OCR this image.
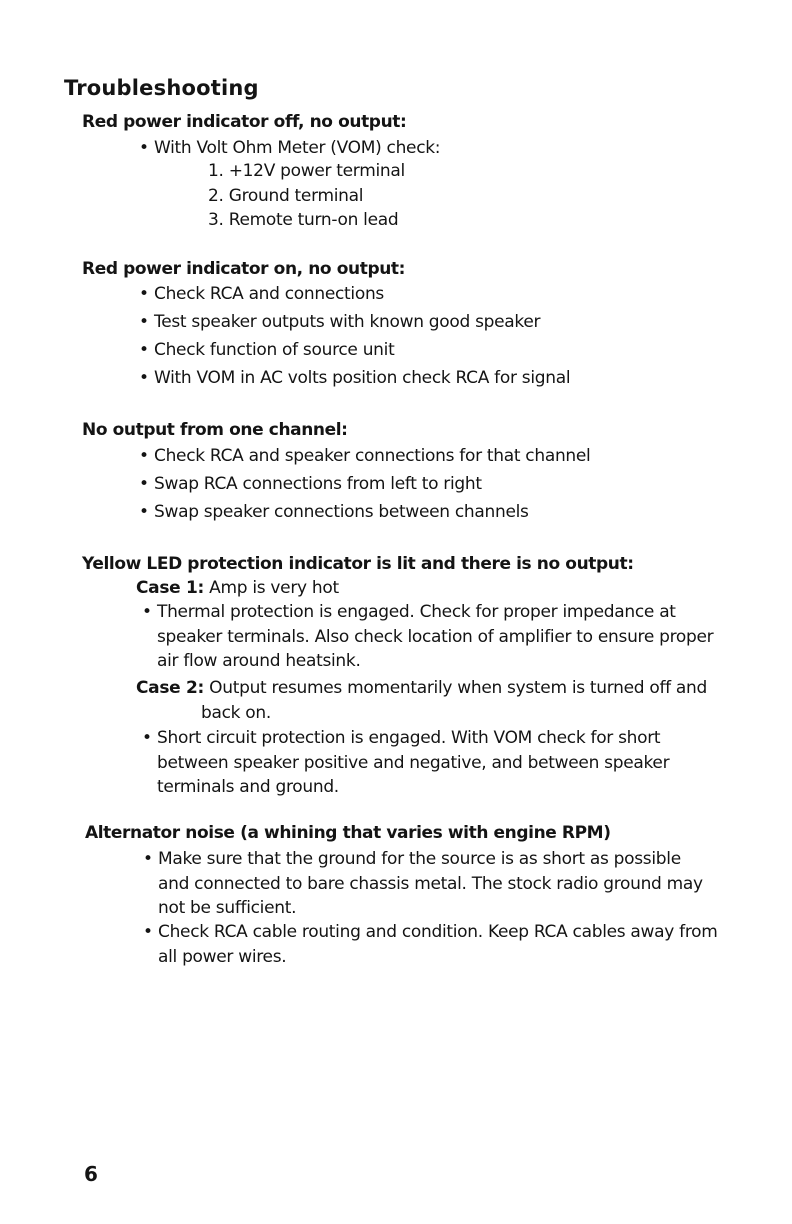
Troubleshooting
Red power indicator off, no output:
• With Volt Ohm Meter (VOM) check:
1. +12V power terminal
2. Ground terminal
3. Remote turn-on lead
Red power indicator on, no output:
• Check RCA and connections
• Test speaker outputs with known good speaker
• Check function of source unit
• With VOM in AC volts position check RCA for signal
No output from one channel:
• Check RCA and speaker connections for that channel
• Swap RCA connections from left to right
• Swap speaker connections between channels
Yellow LED protection indicator is lit and there is no output:
Case 1: Amp is very hot
• Thermal protection is engaged. Check for proper impedance at
speaker terminals. Also check location of amplifier to ensure proper
air flow around heatsink.
Case 2: Output resumes momentarily when system is turned off and
back on.
• Short circuit protection is engaged. With VOM check for short
between speaker positive and negative, and between speaker
terminals and ground.
Alternator noise (a whining that varies with engine RPM)
• Make sure that the ground for the source is as short as possible
and connected to bare chassis metal. The stock radio ground may
not be sufficient.
• Check RCA cable routing and condition. Keep RCA cables away from
all power wires.
6
